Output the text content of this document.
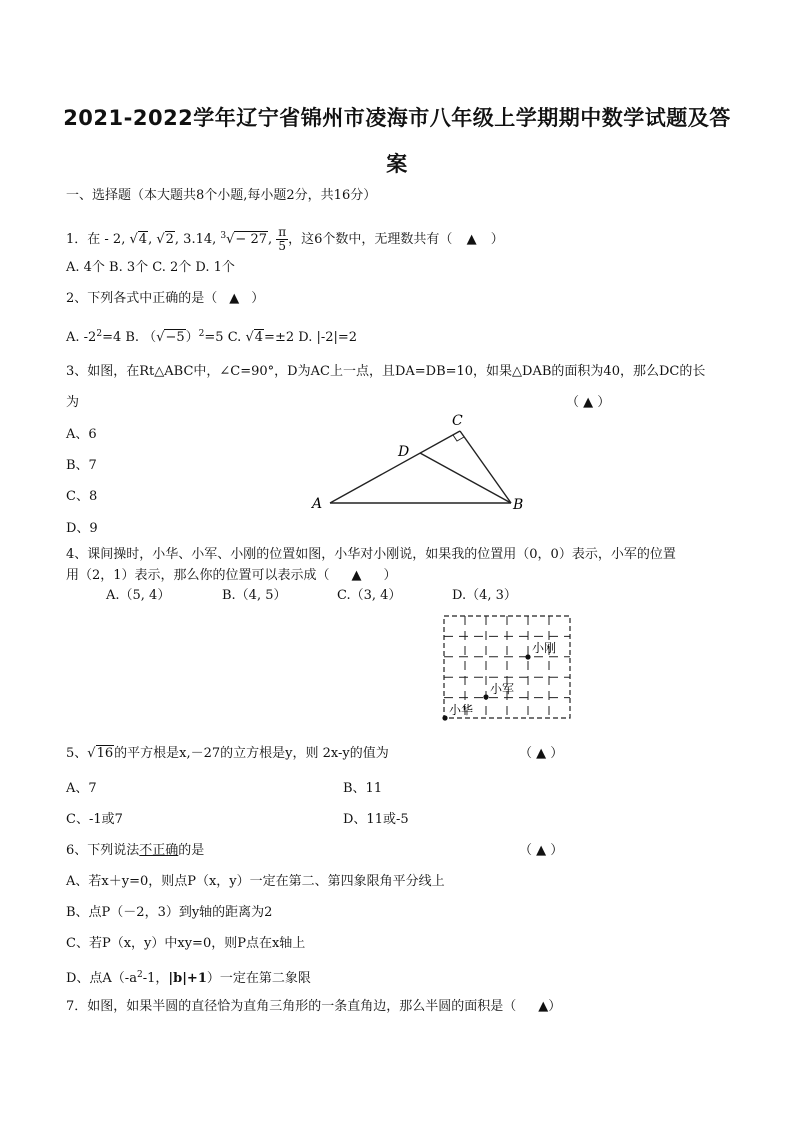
2021-2022学年辽宁省锦州市凌海市八年级上学期期中数学试题及答
案
一、选择题（本大题共8个小题,每小题2分，共16分）
1．在 - 2, √4, √2, 3.14, $^3$√− 27, $\frac{\pi}{5}$ ，这6个数中，无理数共有（ ▲ ）
A. 4个 B. 3个 C. 2个 D. 1个
2、下列各式中正确的是（ ▲ ）
A. $-2^2=4$ B. $(√-5)^2=5$ C. √4=±2 D. |-2|=2
3、如图，在Rt△ABC中，∠C=90°，D为AC上一点，且DA=DB=10，如果△DAB的面积为40，那么DC的长
为	（ ▲ ）
A、6
B、7
C、8
D、9
A	B
C
D
4、课间操时，小华、小军、小刚的位置如图，小华对小刚说，如果我的位置用（0，0）表示，小军的位置
用（2，1）表示，那么你的位置可以表示成（ ▲ ）
A.（5, 4）	B.（4, 5）	C.（3, 4）	D.（4, 3）
小刚
小军
小华
5、√16的平方根是x,－27的立方根是y，则 2x-y的值为	（ ▲ ）
A、7	B、11
C、-1或7	D、11或-5
6、下列说法不正确的是	（ ▲ ）
A、若x＋y=0，则点P（x，y）一定在第二、第四象限角平分线上
B、点P（－2，3）到y轴的距离为2
C、若P（x，y）中xy=0，则P点在x轴上
D、点$A(-a^2-1$，|b|+1）一定在第二象限
7．如图，如果半圆的直径恰为直角三角形的一条直角边，那么半圆的面积是（ ▲）
